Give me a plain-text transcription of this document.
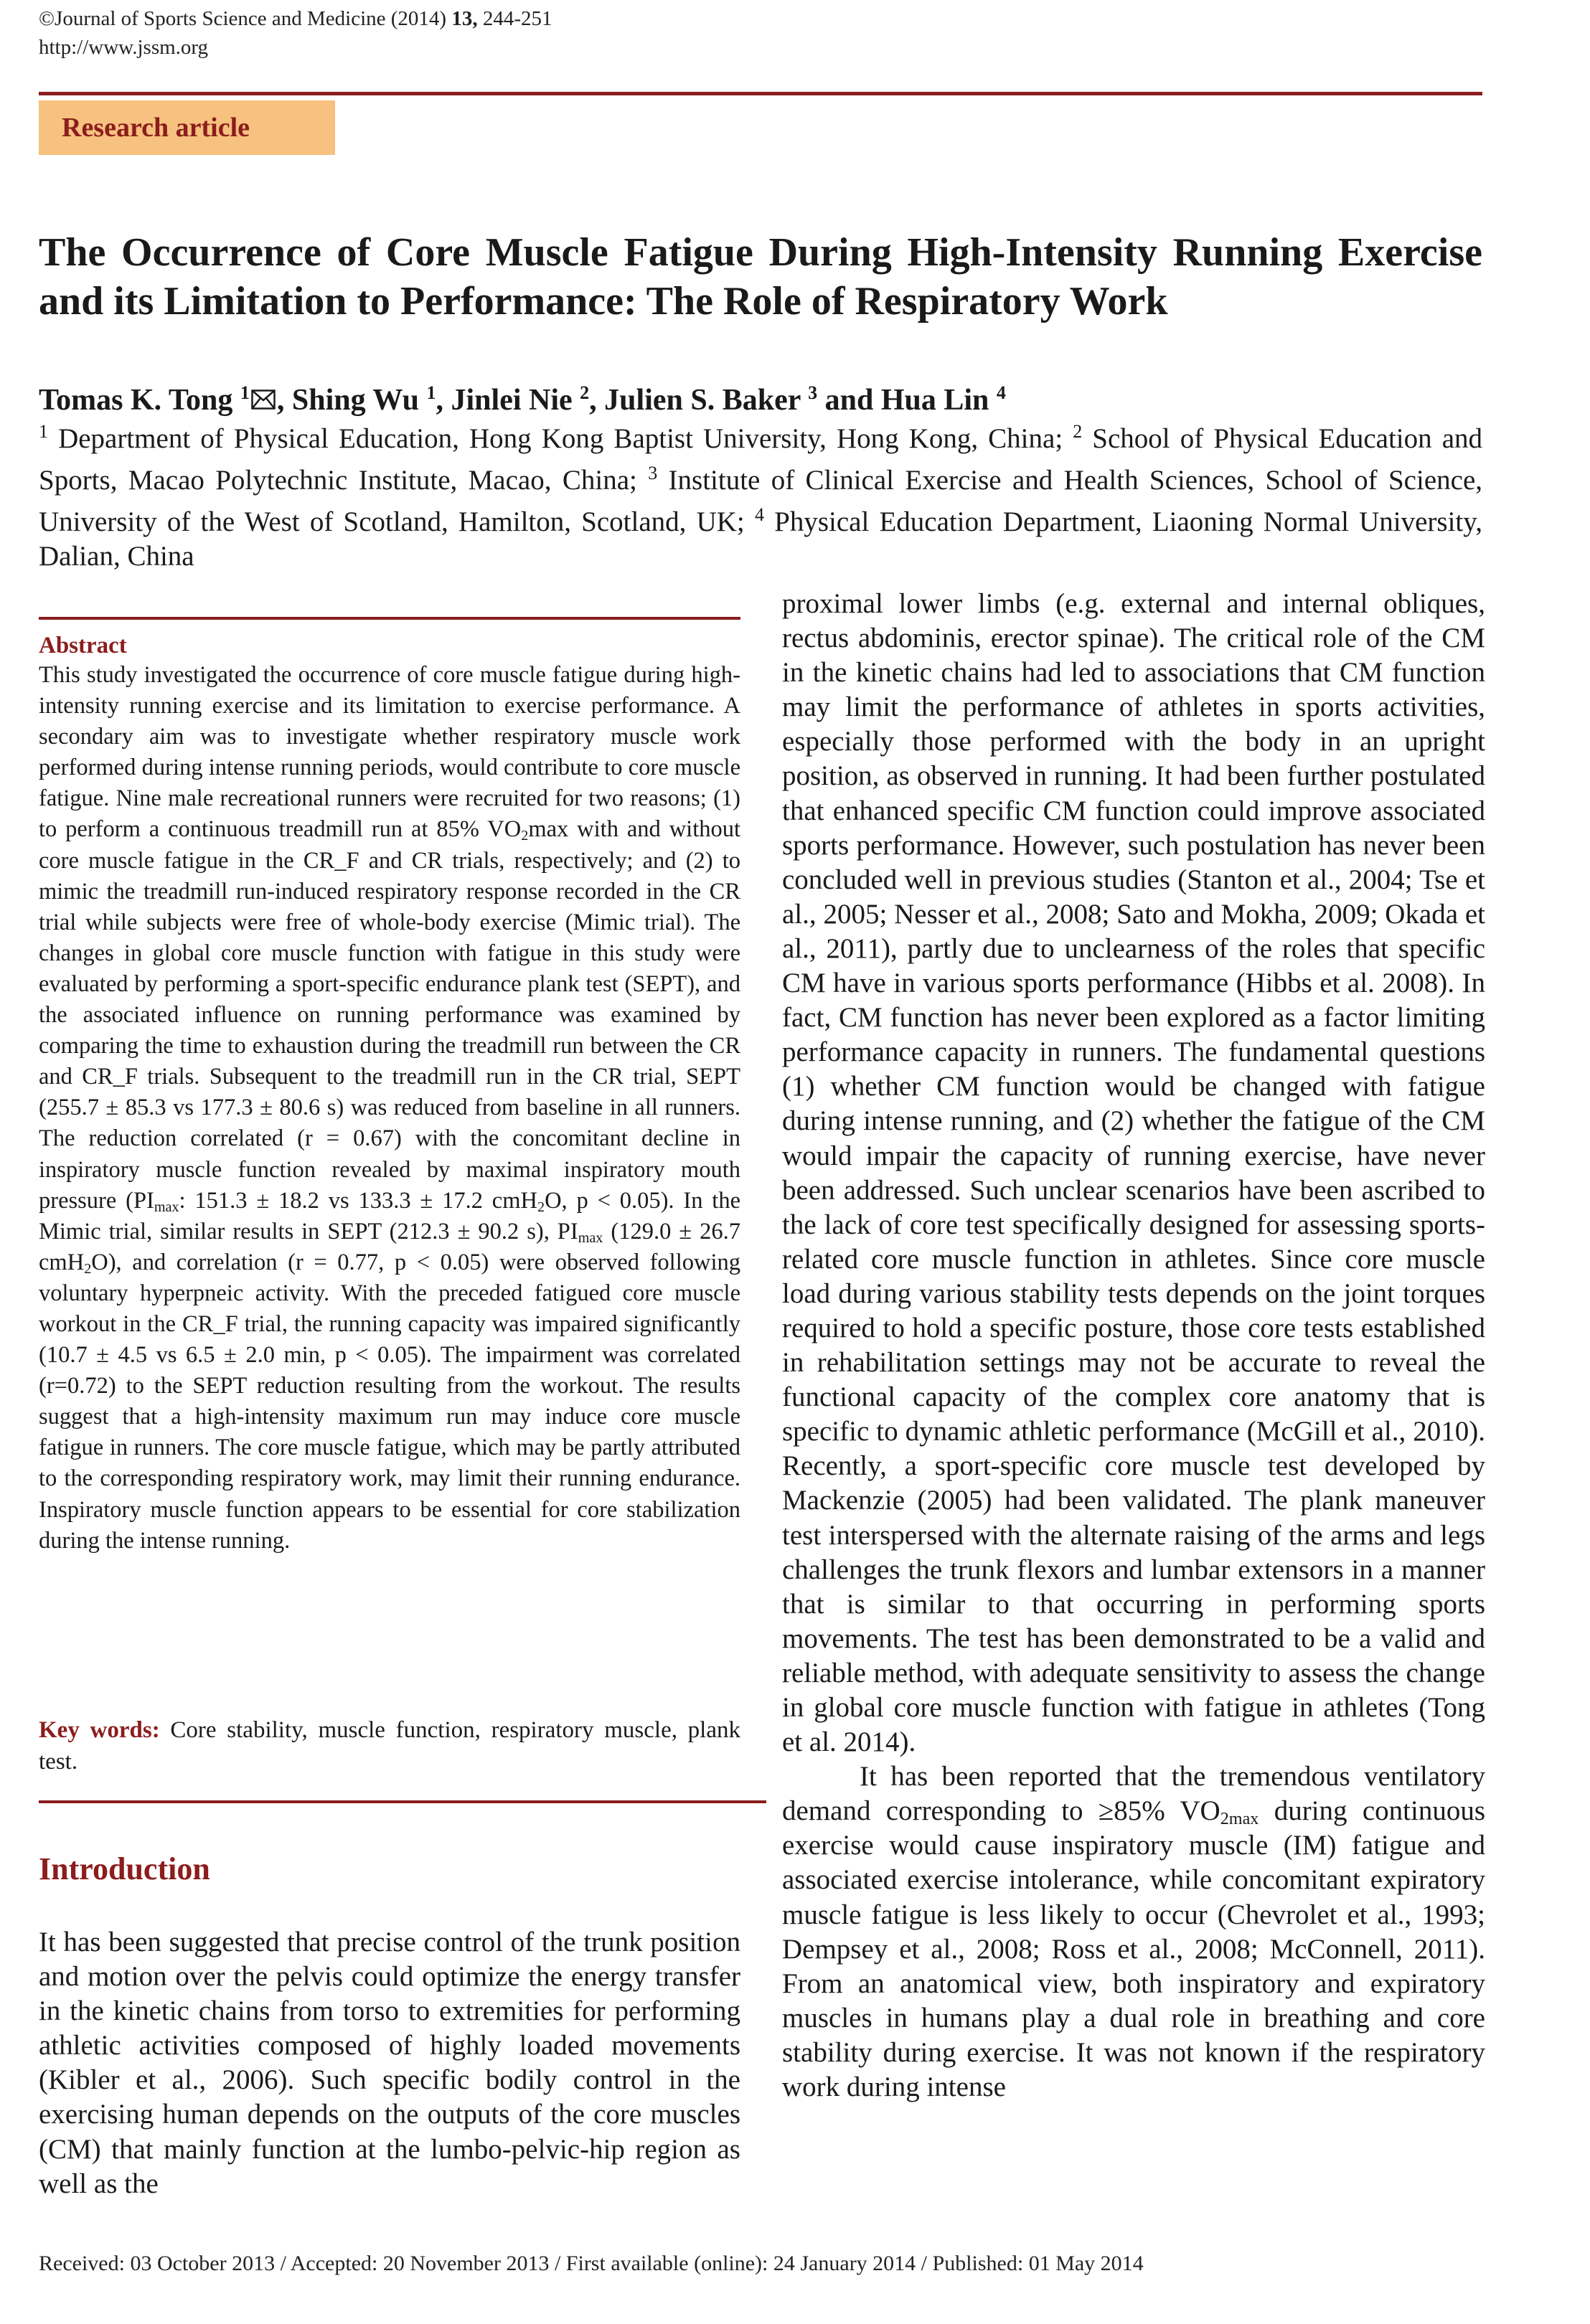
©Journal of Sports Science and Medicine (2014) 13, 244-251
http://www.jssm.org
Research article
The Occurrence of Core Muscle Fatigue During High-Intensity Running Exercise and its Limitation to Performance: The Role of Respiratory Work
Tomas K. Tong $^1$ , Shing Wu $^1$, Jinlei Nie $^2$, Julien S. Baker $^3$ and Hua Lin $^4$
$^1$ Department of Physical Education, Hong Kong Baptist University, Hong Kong, China; $^2$ School of Physical Education and Sports, Macao Polytechnic Institute, Macao, China; $^3$ Institute of Clinical Exercise and Health Sciences, School of Science, University of the West of Scotland, Hamilton, Scotland, UK; $^4$ Physical Education Department, Liaoning Normal University, Dalian, China
Abstract

This study investigated the occurrence of core muscle fatigue during high-intensity running exercise and its limitation to exercise performance. A secondary aim was to investigate whether respiratory muscle work performed during intense running periods, would contribute to core muscle fatigue. Nine male recreational runners were recruited for two reasons; (1) to perform a continuous treadmill run at 85% $VO_2\max$ with and without core muscle fatigue in the CR_F and CR trials, respectively; and (2) to mimic the treadmill run-induced respiratory response recorded in the CR trial while subjects were free of whole-body exercise (Mimic trial). The changes in global core muscle function with fatigue in this study were evaluated by performing a sport-specific endurance plank test (SEPT), and the associated influence on running performance was examined by comparing the time to exhaustion during the treadmill run between the CR and CR_F trials. Subsequent to the treadmill run in the CR trial, SEPT (255.7 ± 85.3 vs 177.3 ± 80.6 s) was reduced from baseline in all runners. The reduction correlated (r = 0.67) with the concomitant decline in inspiratory muscle function revealed by maximal inspiratory mouth pressure ($PI_{max}$: 151.3 ± 18.2 vs 133.3 ± 17.2 cmH$_2$O, p < 0.05). In the Mimic trial, similar results in SEPT (212.3 ± 90.2 s), $PI_{max}$ (129.0 ± 26.7 cmH$_2$O), and correlation (r = 0.77, p < 0.05) were observed following voluntary hyperpneic activity. With the preceded fatigued core muscle workout in the CR_F trial, the running capacity was impaired significantly (10.7 ± 4.5 vs 6.5 ± 2.0 min, p < 0.05). The impairment was correlated (r=0.72) to the SEPT reduction resulting from the workout. The results suggest that a high-intensity maximum run may induce core muscle fatigue in runners. The core muscle fatigue, which may be partly attributed to the corresponding respiratory work, may limit their running endurance. Inspiratory muscle function appears to be essential for core stabilization during the intense running.

Key words: Core stability, muscle function, respiratory muscle, plank test.
Introduction

It has been suggested that precise control of the trunk position and motion over the pelvis could optimize the energy transfer in the kinetic chains from torso to extremities for performing athletic activities composed of highly loaded movements (Kibler et al., 2006). Such specific bodily control in the exercising human depends on the outputs of the core muscles (CM) that mainly function at the lumbo-pelvic-hip region as well as the

proximal lower limbs (e.g. external and internal obliques, rectus abdominis, erector spinae). The critical role of the CM in the kinetic chains had led to associations that CM function may limit the performance of athletes in sports activities, especially those performed with the body in an upright position, as observed in running. It had been further postulated that enhanced specific CM function could improve associated sports performance. However, such postulation has never been concluded well in previous studies (Stanton et al., 2004; Tse et al., 2005; Nesser et al., 2008; Sato and Mokha, 2009; Okada et al., 2011), partly due to unclearness of the roles that specific CM have in various sports performance (Hibbs et al. 2008). In fact, CM function has never been explored as a factor limiting performance capacity in runners. The fundamental questions (1) whether CM function would be changed with fatigue during intense running, and (2) whether the fatigue of the CM would impair the capacity of running exercise, have never been addressed. Such unclear scenarios have been ascribed to the lack of core test specifically designed for assessing sports-related core muscle function in athletes. Since core muscle load during various stability tests depends on the joint torques required to hold a specific posture, those core tests established in rehabilitation settings may not be accurate to reveal the functional capacity of the complex core anatomy that is specific to dynamic athletic performance (McGill et al., 2010). Recently, a sport-specific core muscle test developed by Mackenzie (2005) had been validated. The plank maneuver test interspersed with the alternate raising of the arms and legs challenges the trunk flexors and lumbar extensors in a manner that is similar to that occurring in performing sports movements. The test has been demonstrated to be a valid and reliable method, with adequate sensitivity to assess the change in global core muscle function with fatigue in athletes (Tong et al. 2014).

It has been reported that the tremendous ventilatory demand corresponding to ≥85% $VO_{2max}$ during continuous exercise would cause inspiratory muscle (IM) fatigue and associated exercise intolerance, while concomitant expiratory muscle fatigue is less likely to occur (Chevrolet et al., 1993; Dempsey et al., 2008; Ross et al., 2008; McConnell, 2011). From an anatomical view, both inspiratory and expiratory muscles in humans play a dual role in breathing and core stability during exercise. It was not known if the respiratory work during intense

Received: 03 October 2013 / Accepted: 20 November 2013 / First available (online): 24 January 2014 / Published: 01 May 2014
